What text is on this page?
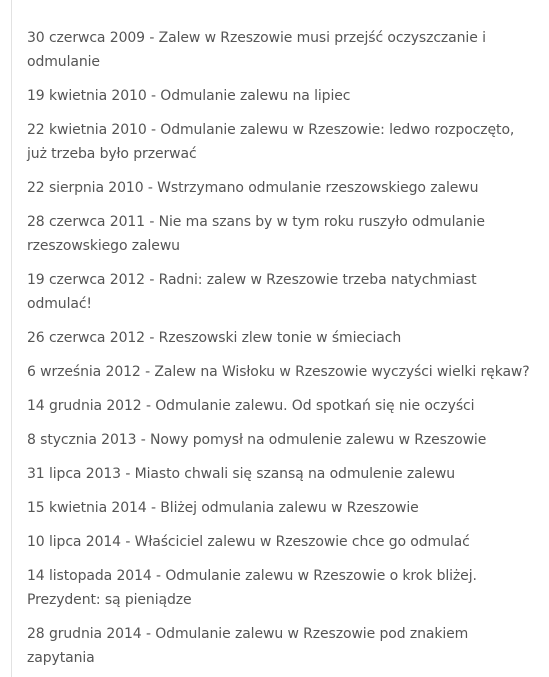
30 czerwca 2009 - Zalew w Rzeszowie musi przejść oczyszczanie i odmulanie
19 kwietnia 2010 - Odmulanie zalewu na lipiec
22 kwietnia 2010 - Odmulanie zalewu w Rzeszowie: ledwo rozpoczęto, już trzeba było przerwać
22 sierpnia 2010 - Wstrzymano odmulanie rzeszowskiego zalewu
28 czerwca 2011 - Nie ma szans by w tym roku ruszyło odmulanie rzeszowskiego zalewu
19 czerwca 2012 - Radni: zalew w Rzeszowie trzeba natychmiast odmulać!
26 czerwca 2012 - Rzeszowski zlew tonie w śmieciach
6 września 2012 - Zalew na Wisłoku w Rzeszowie wyczyści wielki rękaw?
14 grudnia 2012 - Odmulanie zalewu. Od spotkań się nie oczyści
8 stycznia 2013 - Nowy pomysł na odmulenie zalewu w Rzeszowie
31 lipca 2013 - Miasto chwali się szansą na odmulenie zalewu
15 kwietnia 2014 - Bliżej odmulania zalewu w Rzeszowie
10 lipca 2014 - Właściciel zalewu w Rzeszowie chce go odmulać
14 listopada 2014 - Odmulanie zalewu w Rzeszowie o krok bliżej. Prezydent: są pieniądze
28 grudnia 2014 - Odmulanie zalewu w Rzeszowie pod znakiem zapytania
